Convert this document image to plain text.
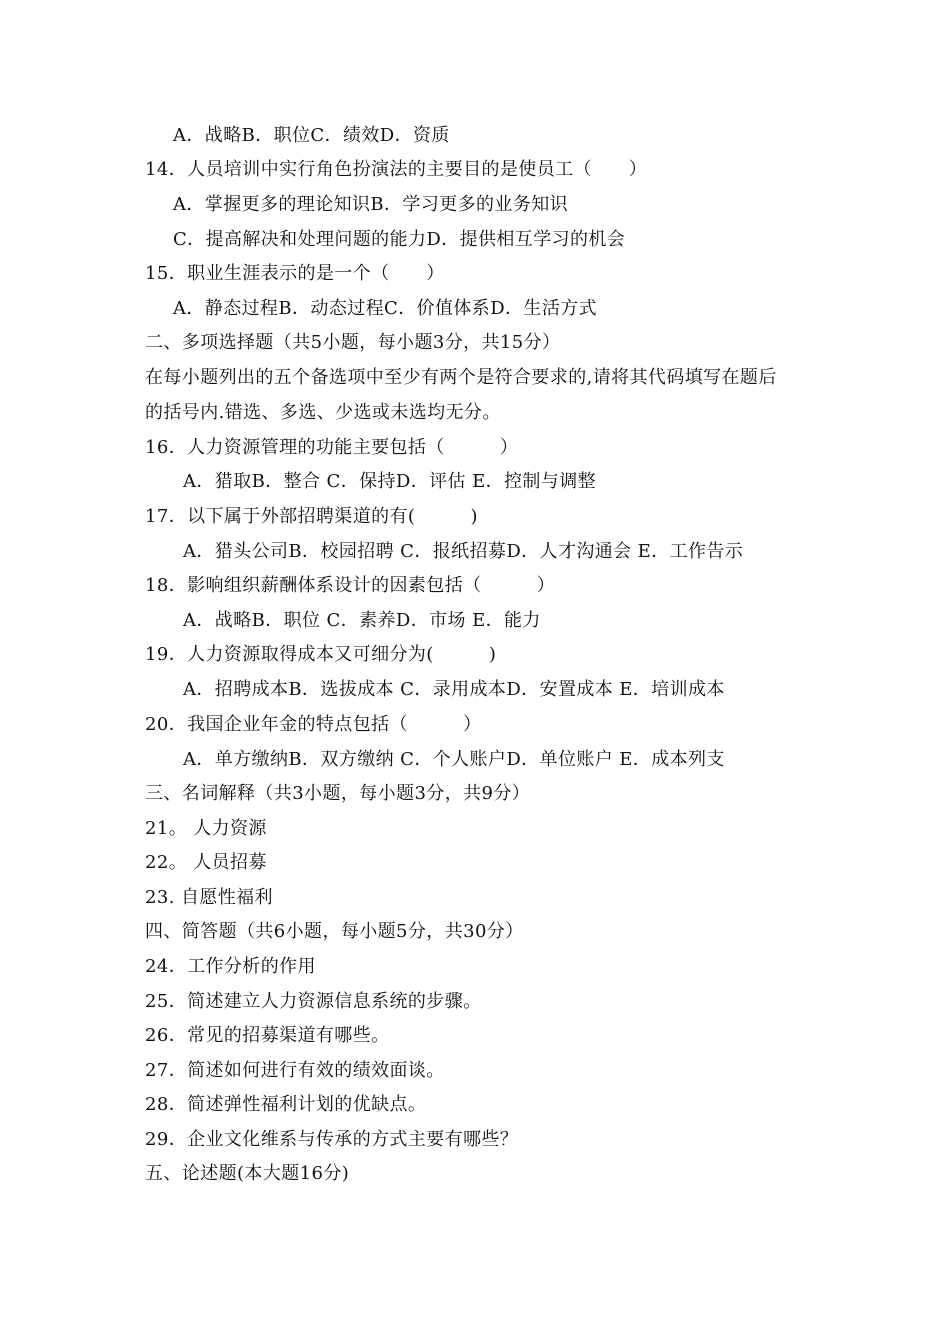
A．战略B．职位C．绩效D．资质
14．人员培训中实行角色扮演法的主要目的是使员工（　　）
A．掌握更多的理论知识B．学习更多的业务知识
C．提高解决和处理问题的能力D．提供相互学习的机会
15．职业生涯表示的是一个（　　）
A．静态过程B．动态过程C．价值体系D．生活方式
二、多项选择题（共5小题，每小题3分，共15分）
在每小题列出的五个备选项中至少有两个是符合要求的,请将其代码填写在题后
的括号内.错选、多选、少选或未选均无分。
16．人力资源管理的功能主要包括（　　　）
A．猎取B．整合 C．保持D．评估 E．控制与调整
17．以下属于外部招聘渠道的有(　　　)
A．猎头公司B．校园招聘 C．报纸招募D．人才沟通会 E．工作告示
18．影响组织薪酬体系设计的因素包括（　　　）
A．战略B．职位 C．素养D．市场 E．能力
19．人力资源取得成本又可细分为(　　　)
A．招聘成本B．选拔成本 C．录用成本D．安置成本 E．培训成本
20．我国企业年金的特点包括（　　　）
A．单方缴纳B．双方缴纳 C．个人账户D．单位账户 E．成本列支
三、名词解释（共3小题，每小题3分，共9分）
21。 人力资源
22。 人员招募
23. 自愿性福利
四、简答题（共6小题，每小题5分，共30分）
24．工作分析的作用
25．简述建立人力资源信息系统的步骤。
26．常见的招募渠道有哪些。
27．简述如何进行有效的绩效面谈。
28．简述弹性福利计划的优缺点。
29．企业文化维系与传承的方式主要有哪些？
五、论述题(本大题16分)
